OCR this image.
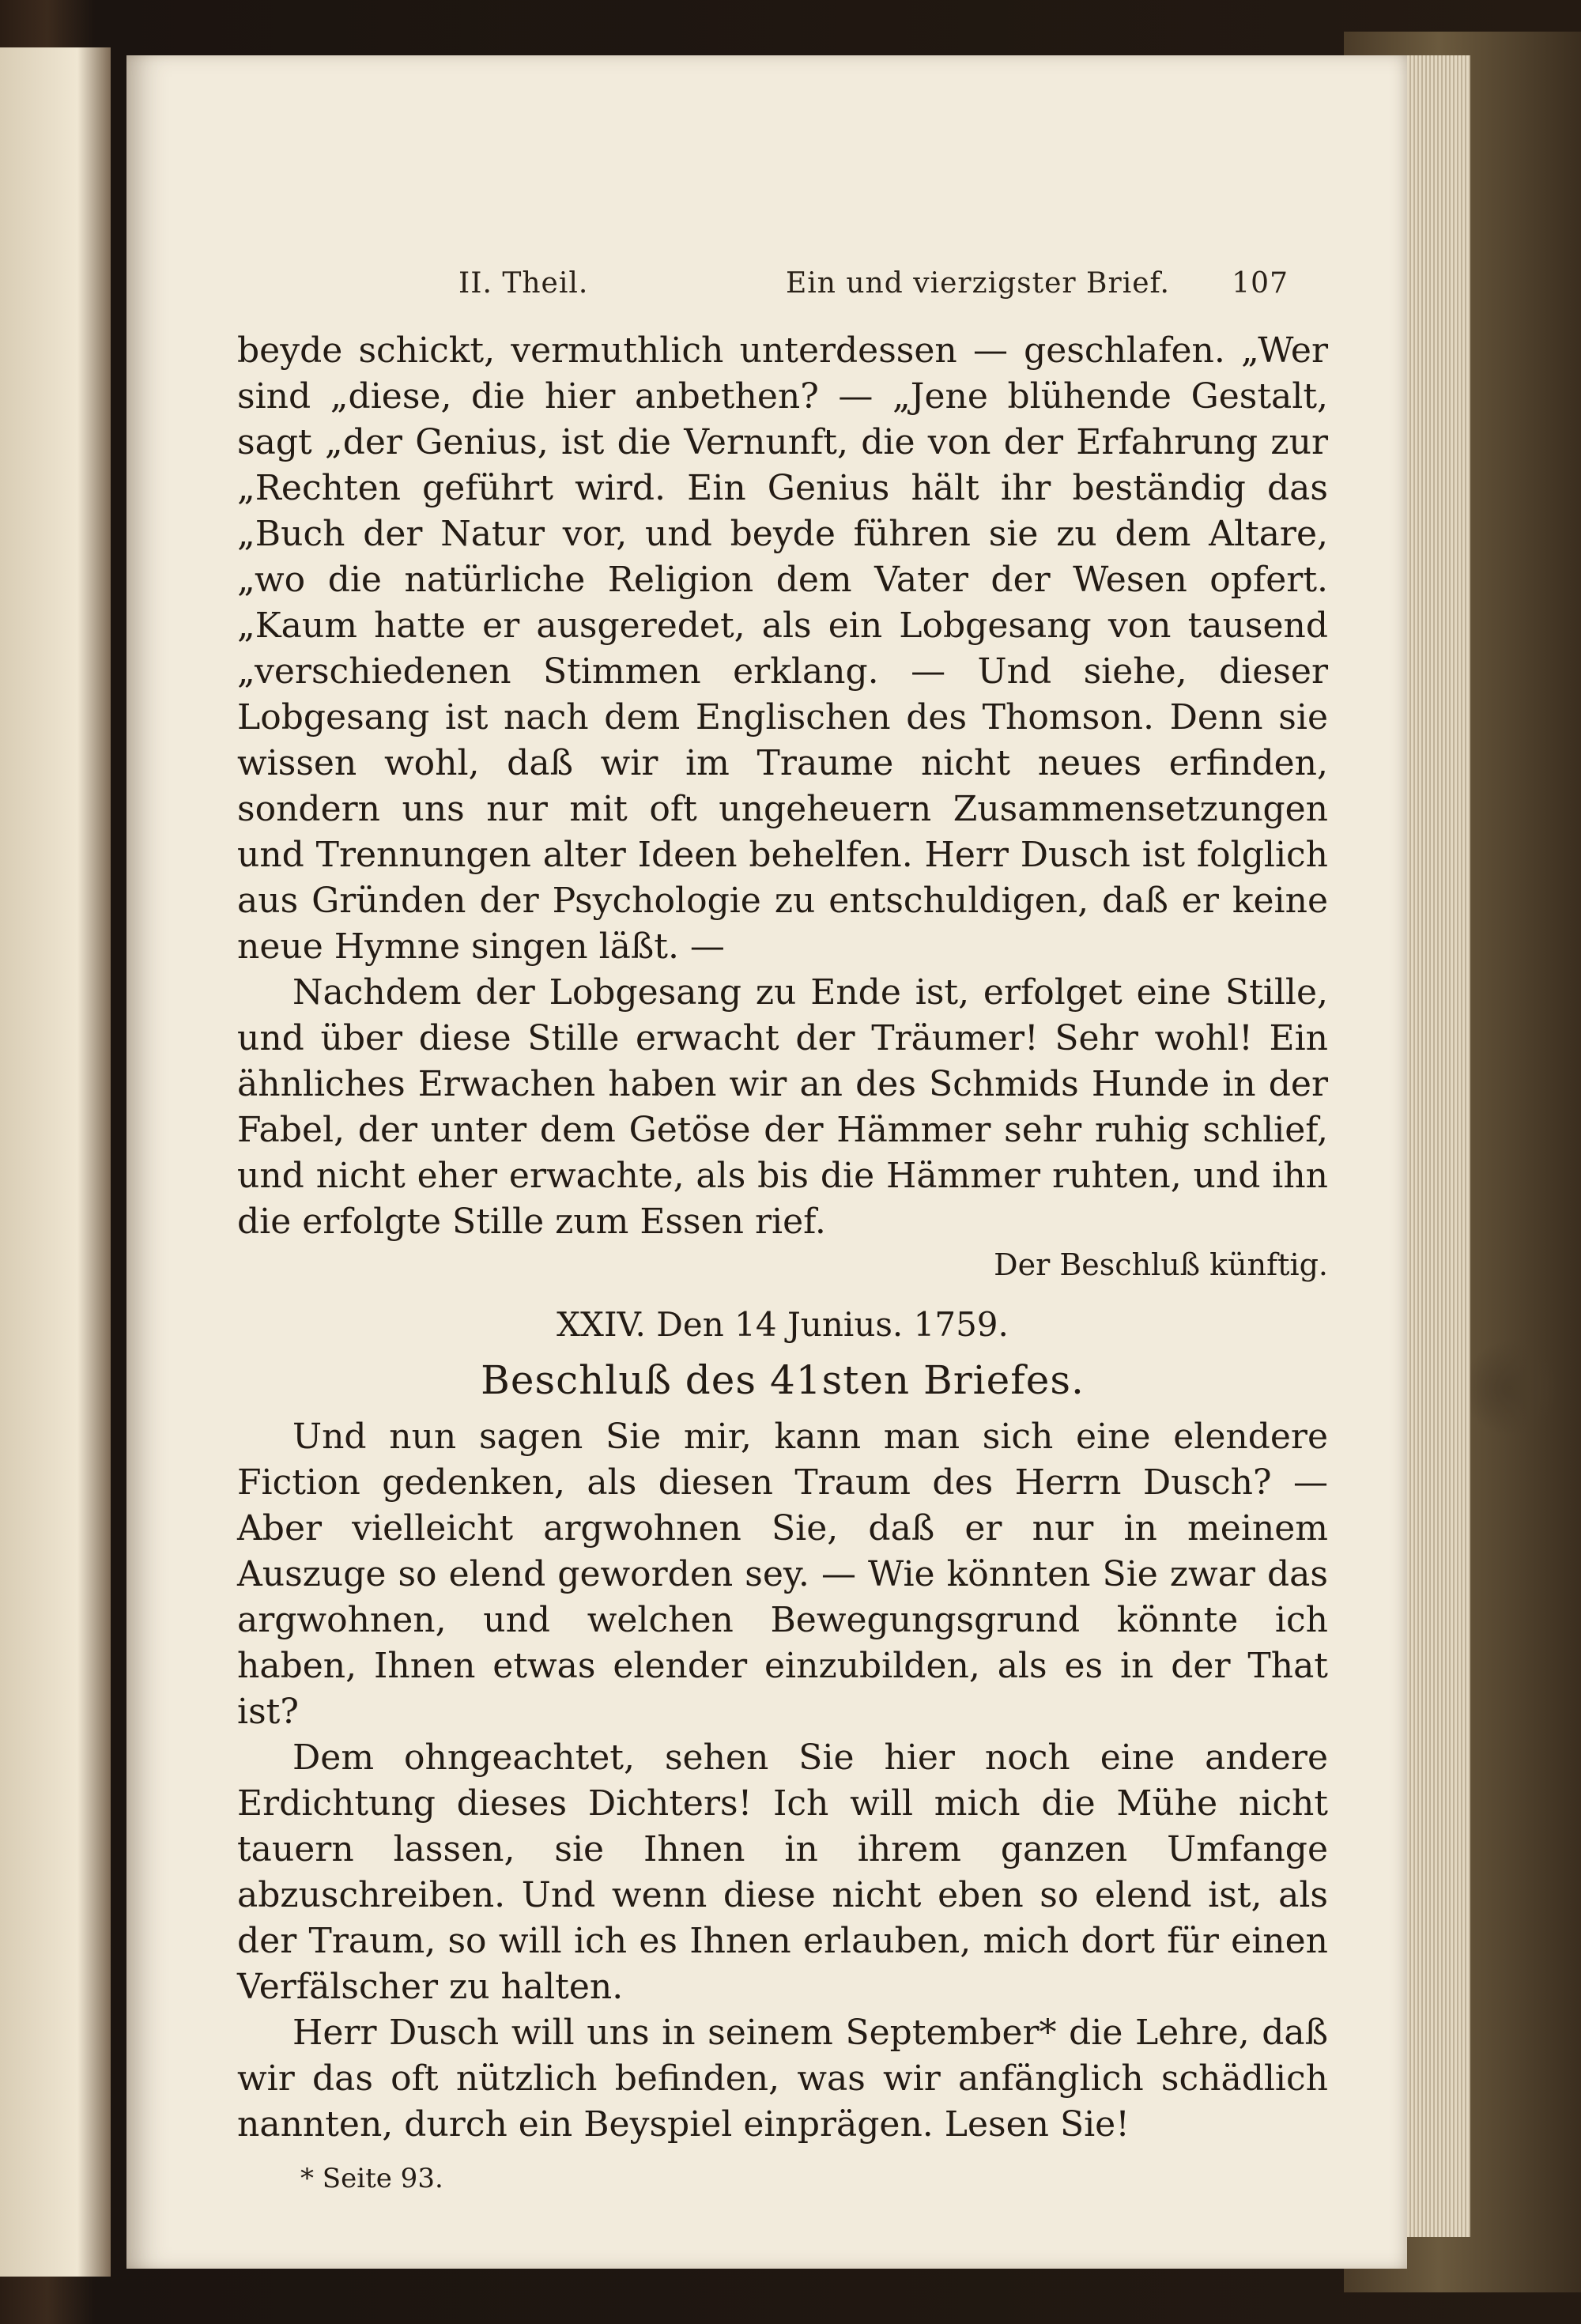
II. Theil.	Ein und vierzigster Brief. 107

beyde schickt, vermuthlich unterdessen — geschlafen. „Wer sind „diese, die hier anbethen? — „Jene blühende Gestalt, sagt „der Genius, ist die Vernunft, die von der Erfahrung zur „Rechten geführt wird. Ein Genius hält ihr beständig das „Buch der Natur vor, und beyde führen sie zu dem Altare, „wo die natürliche Religion dem Vater der Wesen opfert. „Kaum hatte er ausgeredet, als ein Lobgesang von tausend „verschiedenen Stimmen erklang. — Und siehe, dieser Lobgesang ist nach dem Englischen des Thomson. Denn sie wissen wohl, daß wir im Traume nicht neues erfinden, sondern uns nur mit oft ungeheuern Zusammensetzungen und Trennungen alter Ideen behelfen. Herr Dusch ist folglich aus Gründen der Psychologie zu entschuldigen, daß er keine neue Hymne singen läßt. —

Nachdem der Lobgesang zu Ende ist, erfolget eine Stille, und über diese Stille erwacht der Träumer! Sehr wohl! Ein ähnliches Erwachen haben wir an des Schmids Hunde in der Fabel, der unter dem Getöse der Hämmer sehr ruhig schlief, und nicht eher erwachte, als bis die Hämmer ruhten, und ihn die erfolgte Stille zum Essen rief.

Der Beschluß künftig.
XXIV. Den 14 Junius. 1759.
Beschluß des 41sten Briefes.

Und nun sagen Sie mir, kann man sich eine elendere Fiction gedenken, als diesen Traum des Herrn Dusch? — Aber vielleicht argwohnen Sie, daß er nur in meinem Auszuge so elend geworden sey. — Wie könnten Sie zwar das argwohnen, und welchen Bewegungsgrund könnte ich haben, Ihnen etwas elender einzubilden, als es in der That ist?

Dem ohngeachtet, sehen Sie hier noch eine andere Erdichtung dieses Dichters! Ich will mich die Mühe nicht tauern lassen, sie Ihnen in ihrem ganzen Umfange abzuschreiben. Und wenn diese nicht eben so elend ist, als der Traum, so will ich es Ihnen erlauben, mich dort für einen Verfälscher zu halten.

Herr Dusch will uns in seinem September* die Lehre, daß wir das oft nützlich befinden, was wir anfänglich schädlich nannten, durch ein Beyspiel einprägen. Lesen Sie!

* Seite 93.
